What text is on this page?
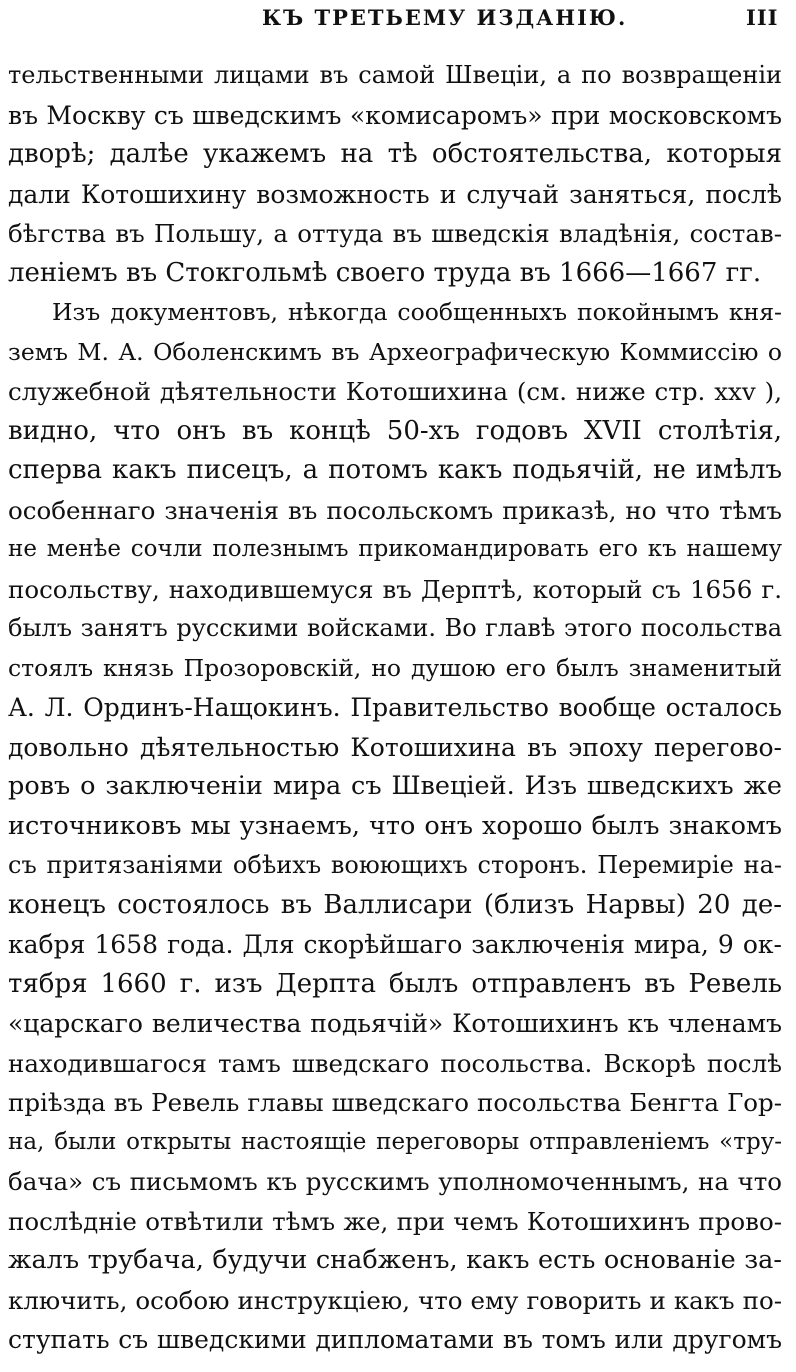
КЪ ТРЕТЬЕМУ ИЗДАНІЮ.	III
тельственными лицами въ самой Швеціи, а по возвращеніи
въ Москву съ шведскимъ «комисаромъ» при московскомъ
дворѣ; далѣе укажемъ на тѣ обстоятельства, которыя
дали Котошихину возможность и случай заняться, послѣ
бѣгства въ Польшу, а оттуда въ шведскія владѣнія, состав-
леніемъ въ Стокгольмѣ своего труда въ 1666—1667 гг.
Изъ документовъ, нѣкогда сообщенныхъ покойнымъ кня-
земъ М. А. Оболенскимъ въ Археографическую Коммиссію о
служебной дѣятельности Котошихина (см. ниже стр. xxv ),
видно, что онъ въ концѣ 50-хъ годовъ XVII столѣтія,
сперва какъ писецъ, а потомъ какъ подьячій, не имѣлъ
особеннаго значенія въ посольскомъ приказѣ, но что тѣмъ
не менѣе сочли полезнымъ прикомандировать его къ нашему
посольству, находившемуся въ Дерптѣ, который съ 1656 г.
былъ занятъ русскими войсками. Во главѣ этого посольства
стоялъ князь Прозоровскій, но душою его былъ знаменитый
А. Л. Ординъ-Нащокинъ. Правительство вообще осталось
довольно дѣятельностью Котошихина въ эпоху перегово-
ровъ о заключеніи мира съ Швеціей. Изъ шведскихъ же
источниковъ мы узнаемъ, что онъ хорошо былъ знакомъ
съ притязаніями обѣихъ воюющихъ сторонъ. Перемиріе на-
конецъ состоялось въ Валлисари (близъ Нарвы) 20 де-
кабря 1658 года. Для скорѣйшаго заключенія мира, 9 ок-
тября 1660 г. изъ Дерпта былъ отправленъ въ Ревель
«царскаго величества подьячій» Котошихинъ къ членамъ
находившагося тамъ шведскаго посольства. Вскорѣ послѣ
пріѣзда въ Ревель главы шведскаго посольства Бенгта Гор-
на, были открыты настоящіе переговоры отправленіемъ «тру-
бача» съ письмомъ къ русскимъ уполномоченнымъ, на что
послѣдніе отвѣтили тѣмъ же, при чемъ Котошихинъ прово-
жалъ трубача, будучи снабженъ, какъ есть основаніе за-
ключить, особою инструкціею, что ему говорить и какъ по-
ступать съ шведскими дипломатами въ томъ или другомъ
